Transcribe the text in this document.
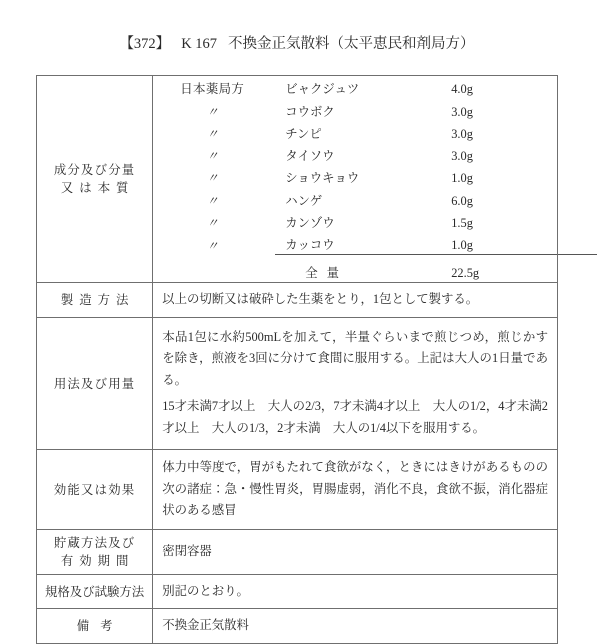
【372】 K 167 不換金正気散料（太平恵民和剤局方）
成分及び分量
又は本質

日本薬局方	ビャクジュツ	4.0g	
〃	コウボク	3.0g	
〃	チンピ	3.0g	
〃	タイソウ	3.0g	
〃	ショウキョウ	1.0g	
〃	ハンゲ	6.0g	
〃	カンゾウ	1.5g	
〃	カッコウ	1.0g	
	全量	22.5g	

製造方法	以上の切断又は破砕した生薬をとり，1包として製する。

用法及び用量

本品1包に水約500mLを加えて，半量ぐらいまで煎じつめ，煎じかすを除き，煎液を3回に分けて食間に服用する。上記は大人の1日量である。
15才未満7才以上　大人の2/3，7才未満4才以上　大人の1/2，4才未満2才以上　大人の1/3，2才未満　大人の1/4以下を服用する。

効能又は効果

体力中等度で，胃がもたれて食欲がなく，ときにはきけがあるものの次の諸症：急・慢性胃炎，胃腸虚弱，消化不良，食欲不振，消化器症状のある感冒

貯蔵方法及び
有効期間

密閉容器

規格及び試験方法	別記のとおり。

備考	不換金正気散料
